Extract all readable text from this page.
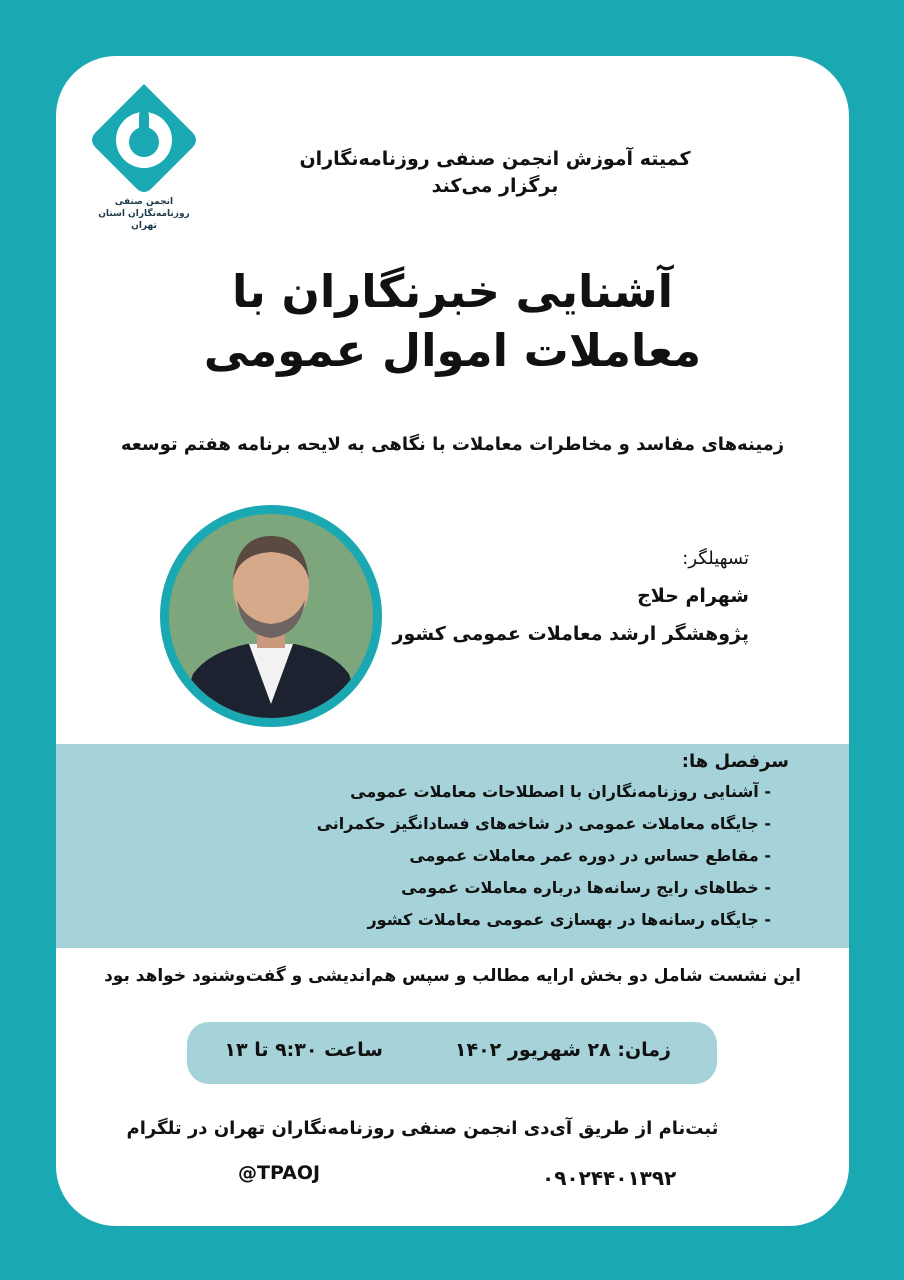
انجمن صنفی
روزنامه‌نگاران استان تهران
کمیته آموزش انجمن صنفی روزنامه‌نگاران
برگزار می‌کند
آشنایی خبرنگاران با
معاملات اموال عمومی
زمینه‌های مفاسد و مخاطرات معاملات با نگاهی به لایحه برنامه هفتم توسعه
تسهیلگر:
شهرام حلاج
پژوهشگر ارشد معاملات عمومی کشور
سرفصل ها:
- آشنایی روزنامه‌نگاران با اصطلاحات معاملات عمومی
- جایگاه معاملات عمومی در شاخه‌های فسادانگیز حکمرانی
- مقاطع حساس در دوره عمر معاملات عمومی
- خطاهای رایج رسانه‌ها درباره معاملات عمومی
- جایگاه رسانه‌ها در بهسازی عمومی معاملات کشور
این نشست شامل دو بخش ارایه مطالب و سپس هم‌اندیشی و گفت‌وشنود خواهد بود
زمان: ۲۸ شهریور ۱۴۰۲
ساعت ۹:۳۰ تا ۱۳
ثبت‌نام از طریق آی‌دی انجمن صنفی روزنامه‌نگاران تهران در تلگرام
@TPAOJ	۰۹۰۲۴۴۰۱۳۹۲
